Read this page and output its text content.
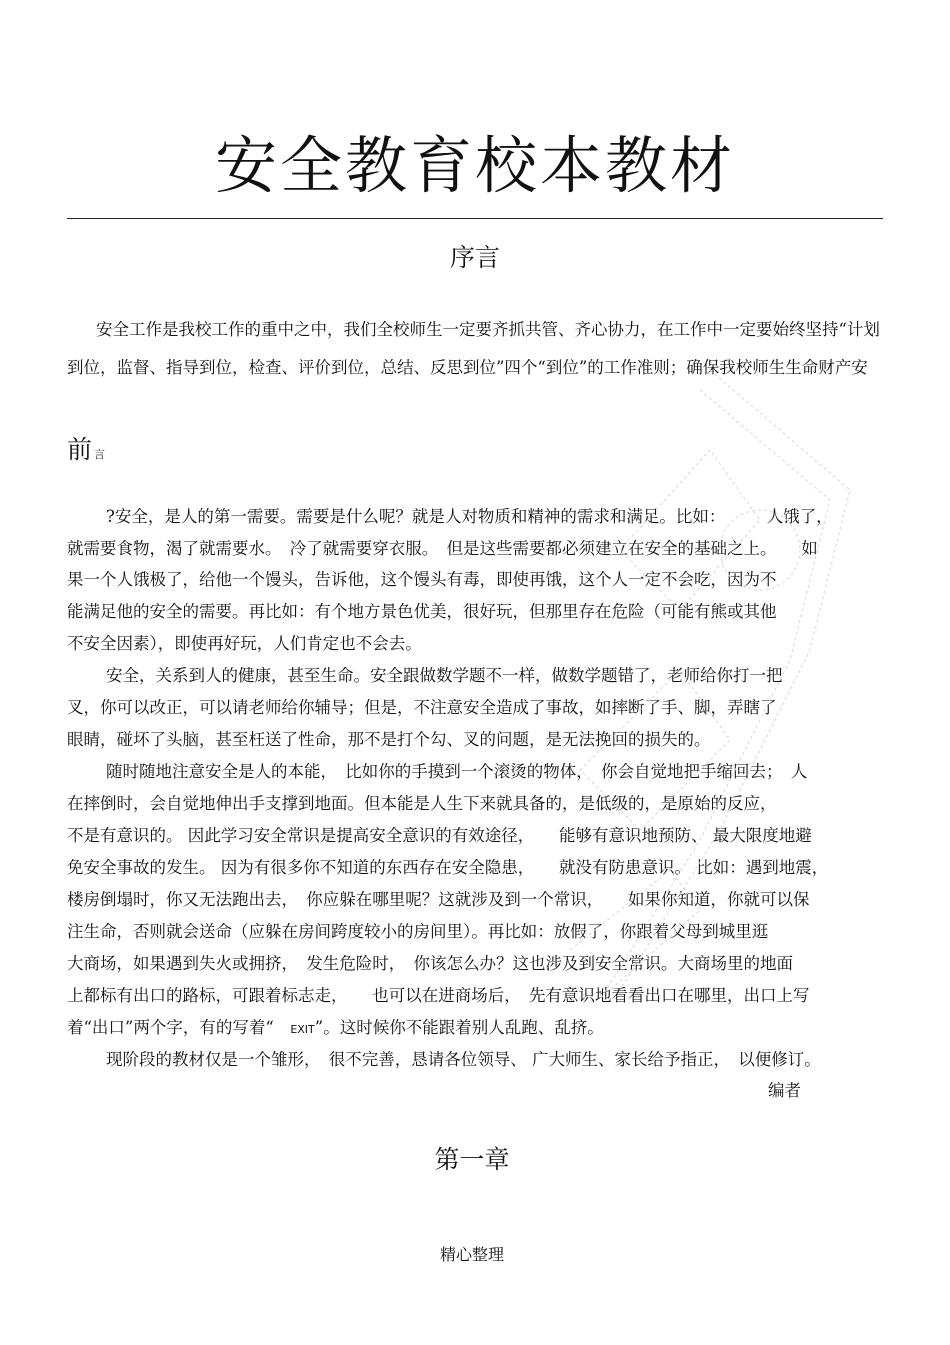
安全教育校本教材
序言
安全工作是我校工作的重中之中，我们全校师生一定要齐抓共管、齐心协力，在工作中一定要始终坚持“计划
到位，监督、指导到位，检查、评价到位，总结、反思到位”四个“到位”的工作准则；确保我校师生生命财产安
前言
?安全，是人的第一需要。需要是什么呢？就是人对物质和精神的需求和满足。比如：　　　人饿了，
就需要食物，渴了就需要水。　冷了就需要穿衣服。　但是这些需要都必须建立在安全的基础之上。　　如
果一个人饿极了，给他一个馒头，告诉他，这个馒头有毒，即使再饿，这个人一定不会吃，因为不
能满足他的安全的需要。再比如：有个地方景色优美，很好玩，但那里存在危险（可能有熊或其他
不安全因素），即使再好玩，人们肯定也不会去。
安全，关系到人的健康，甚至生命。安全跟做数学题不一样，做数学题错了，老师给你打一把
叉，你可以改正，可以请老师给你辅导；但是，不注意安全造成了事故，如摔断了手、脚，弄瞎了
眼睛，碰坏了头脑，甚至枉送了性命，那不是打个勾、叉的问题，是无法挽回的损失的。
随时随地注意安全是人的本能，　比如你的手摸到一个滚烫的物体，　你会自觉地把手缩回去；　人
在摔倒时，会自觉地伸出手支撑到地面。但本能是人生下来就具备的，是低级的，是原始的反应，
不是有意识的。 因此学习安全常识是提高安全意识的有效途径，　　能够有意识地预防、 最大限度地避
免安全事故的发生。 因为有很多你不知道的东西存在安全隐患，　　就没有防患意识。 比如：遇到地震，
楼房倒塌时，你又无法跑出去，　你应躲在哪里呢？这就涉及到一个常识，　　如果你知道，你就可以保
注生命，否则就会送命（应躲在房间跨度较小的房间里）。再比如：放假了，你跟着父母到城里逛
大商场，如果遇到失火或拥挤，　发生危险时，　你该怎么办？这也涉及到安全常识。大商场里的地面
上都标有出口的路标，可跟着标志走，　　也可以在进商场后，　先有意识地看看出口在哪里，出口上写
着“出口”两个字，有的写着“　EXIT”。这时候你不能跟着别人乱跑、乱挤。
现阶段的教材仅是一个雏形，　很不完善，恳请各位领导、 广大师生、家长给予指正，　以便修订。
编者
第一章
精心整理
